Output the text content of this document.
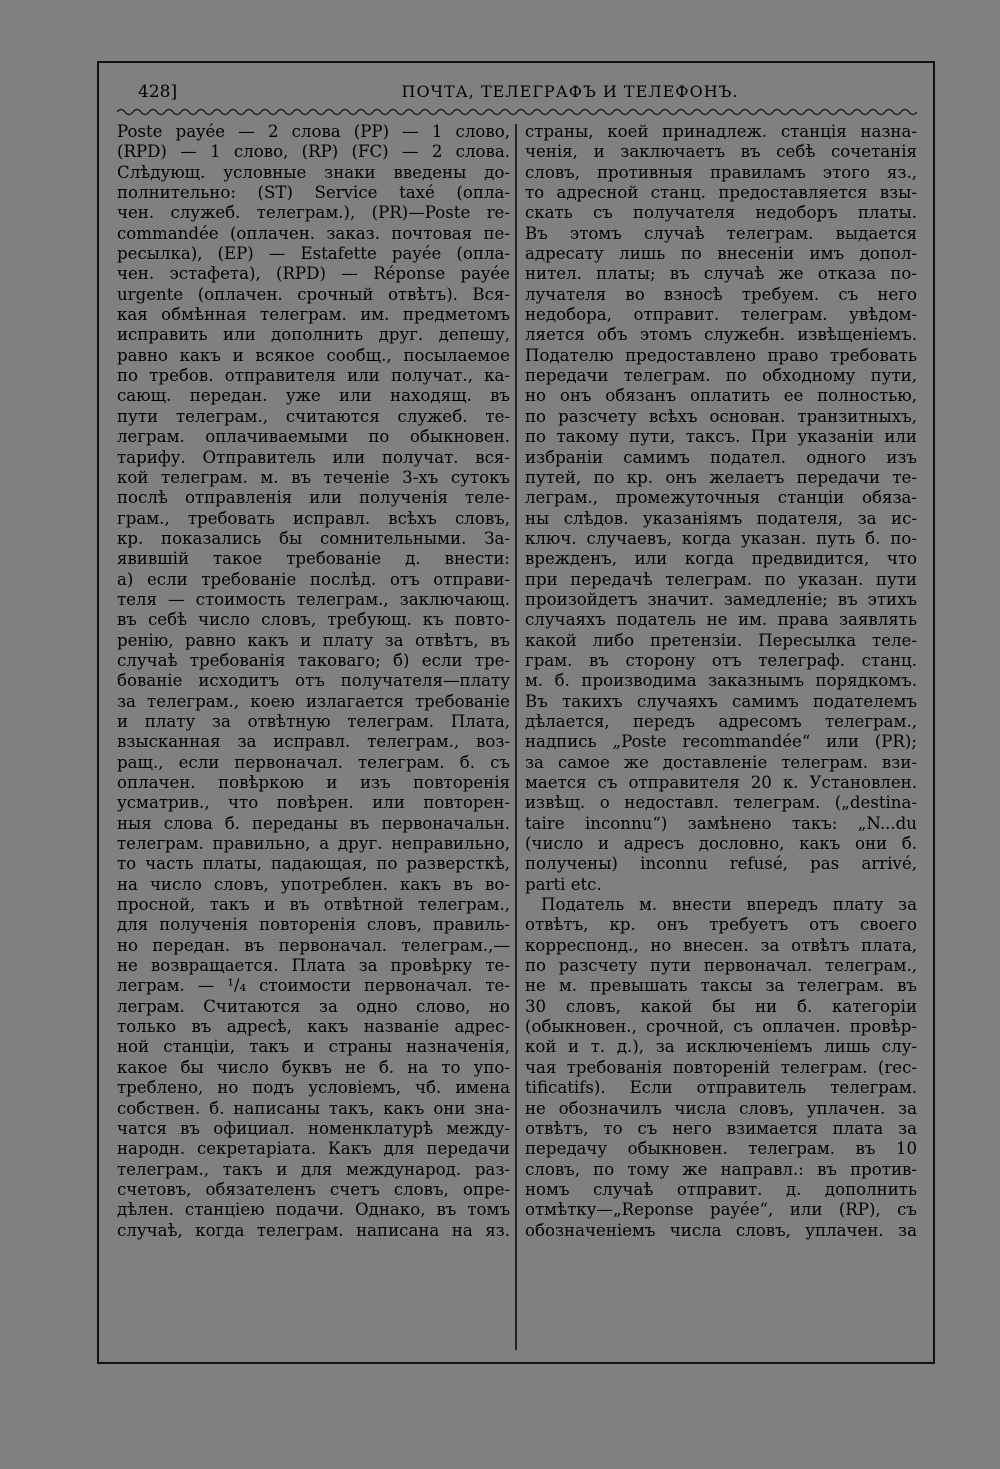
428]	ПОЧТА, ТЕЛЕГРАФЪ И ТЕЛЕФОНЪ.
Poste payée — 2 слова (PP) — 1 слово,
(RPD) — 1 слово, (RP) (FC) — 2 слова.
Слѣдующ. условные знаки введены до-
полнительно: (ST) Service taxé (опла-
чен. служеб. телеграм.), (PR)—Poste re-
commandée (оплачен. заказ. почтовая пе-
ресылка), (EP) — Estafette payée (опла-
чен. эстафета), (RPD) — Réponse payée
urgente (оплачен. срочный отвѣтъ). Вся-
кая обмѣнная телеграм. им. предметомъ
исправить или дополнить друг. депешу,
равно какъ и всякое сообщ., посылаемое
по требов. отправителя или получат., ка-
сающ. передан. уже или находящ. въ
пути телеграм., считаются служеб. те-
леграм. оплачиваемыми по обыкновен.
тарифу. Отправитель или получат. вся-
кой телеграм. м. въ теченіе 3-хъ сутокъ
послѣ отправленія или полученія теле-
грам., требовать исправл. всѣхъ словъ,
кр. показались бы сомнительными. За-
явившій такое требованіе д. внести:
а) если требованіе послѣд. отъ отправи-
теля — стоимость телеграм., заключающ.
въ себѣ число словъ, требующ. къ повто-
ренію, равно какъ и плату за отвѣтъ, въ
случаѣ требованія таковаго; б) если тре-
бованіе исходитъ отъ получателя—плату
за телеграм., коею излагается требованіе
и плату за отвѣтную телеграм. Плата,
взысканная за исправл. телеграм., воз-
ращ., если первоначал. телеграм. б. съ
оплачен. повѣркою и изъ повторенія
усматрив., что повѣрен. или повторен-
ныя слова б. переданы въ первоначальн.
телеграм. правильно, а друг. неправильно,
то часть платы, падающая, по разверсткѣ,
на число словъ, употреблен. какъ въ во-
просной, такъ и въ отвѣтной телеграм.,
для полученія повторенія словъ, правиль-
но передан. въ первоначал. телеграм.,—
не возвращается. Плата за провѣрку те-
леграм. — ¹/₄ стоимости первоначал. те-
леграм. Считаются за одно слово, но
только въ адресѣ, какъ названіе адрес-
ной станціи, такъ и страны назначенія,
какое бы число буквъ не б. на то упо-
треблено, но подъ условіемъ, чб. имена
собствен. б. написаны такъ, какъ они зна-
чатся въ официал. номенклатурѣ между-
народн. секретаріата. Какъ для передачи
телеграм., такъ и для международ. раз-
счетовъ, обязателенъ счетъ словъ, опре-
дѣлен. станціею подачи. Однако, въ томъ
случаѣ, когда телеграм. написана на яз.
страны, коей принадлеж. станція назна-
ченія, и заключаетъ въ себѣ сочетанія
словъ, противныя правиламъ этого яз.,
то адресной станц. предоставляется взы-
скать съ получателя недоборъ платы.
Въ этомъ случаѣ телеграм. выдается
адресату лишь по внесеніи имъ допол-
нител. платы; въ случаѣ же отказа по-
лучателя во взносѣ требуем. съ него
недобора, отправит. телеграм. увѣдом-
ляется объ этомъ служебн. извѣщеніемъ.
Подателю предоставлено право требовать
передачи телеграм. по обходному пути,
но онъ обязанъ оплатить ее полностью,
по разсчету всѣхъ основан. транзитныхъ,
по такому пути, таксъ. При указаніи или
избраніи самимъ подател. одного изъ
путей, по кр. онъ желаетъ передачи те-
леграм., промежуточныя станціи обяза-
ны слѣдов. указаніямъ подателя, за ис-
ключ. случаевъ, когда указан. путь б. по-
врежденъ, или когда предвидится, что
при передачѣ телеграм. по указан. пути
произойдетъ значит. замедленіе; въ этихъ
случаяхъ податель не им. права заявлять
какой либо претензіи. Пересылка теле-
грам. въ сторону отъ телеграф. станц.
м. б. производима заказнымъ порядкомъ.
Въ такихъ случаяхъ самимъ подателемъ
дѣлается, передъ адресомъ телеграм.,
надпись „Poste recommandée“ или (PR);
за самое же доставленіе телеграм. взи-
мается съ отправителя 20 к. Установлен.
извѣщ. о недоставл. телеграм. („destina-
taire inconnu“) замѣнено такъ: „N...du
(число и адресъ дословно, какъ они б.
получены) inconnu refusé, pas arrivé,
parti etc.
Податель м. внести впередъ плату за
отвѣтъ, кр. онъ требуетъ отъ своего
корреспонд., но внесен. за отвѣтъ плата,
по разсчету пути первоначал. телеграм.,
не м. превышать таксы за телеграм. въ
30 словъ, какой бы ни б. категоріи
(обыкновен., срочной, съ оплачен. провѣр-
кой и т. д.), за исключеніемъ лишь слу-
чая требованія повтореній телеграм. (rec-
tificatifs). Если отправитель телеграм.
не обозначилъ числа словъ, уплачен. за
отвѣтъ, то съ него взимается плата за
передачу обыкновен. телеграм. въ 10
словъ, по тому же направл.: въ против-
номъ случаѣ отправит. д. дополнить
отмѣтку—„Reponse payée“, или (RP), съ
обозначеніемъ числа словъ, уплачен. за
